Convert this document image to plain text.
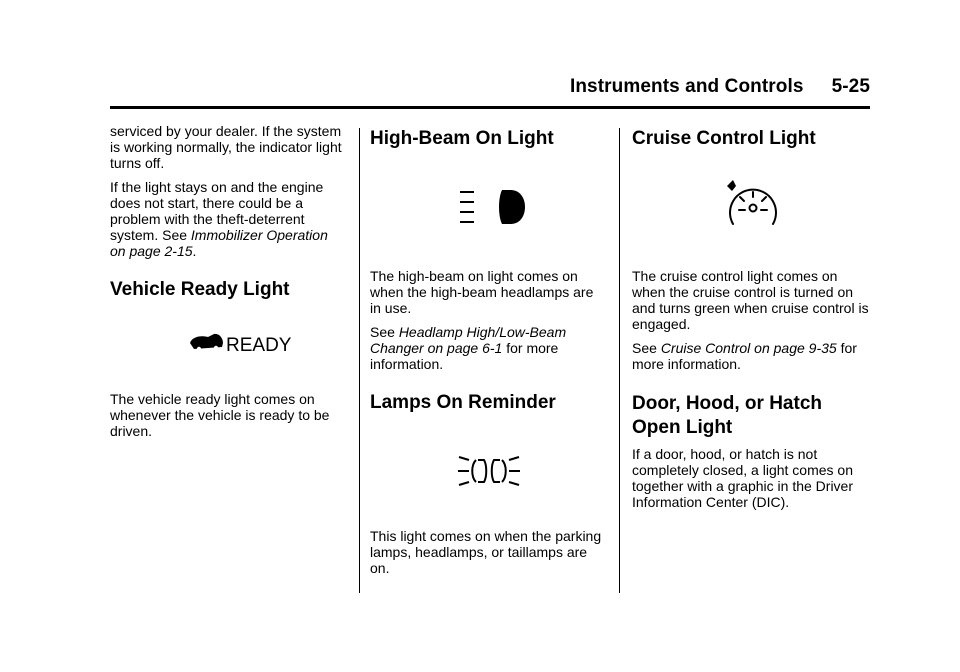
Instruments and Controls 5-25

serviced by your dealer. If the system is working normally, the indicator light turns off.

If the light stays on and the engine does not start, there could be a problem with the theft-deterrent system. See Immobilizer Operation on page 2-15.

Vehicle Ready Light
READY

The vehicle ready light comes on whenever the vehicle is ready to be driven.

High-Beam On Light

The high-beam on light comes on when the high-beam headlamps are in use.

See Headlamp High/Low-Beam Changer on page 6-1 for more information.

Lamps On Reminder

This light comes on when the parking lamps, headlamps, or taillamps are on.

Cruise Control Light

The cruise control light comes on when the cruise control is turned on and turns green when cruise control is engaged.

See Cruise Control on page 9-35 for more information.

Door, Hood, or Hatch Open Light

If a door, hood, or hatch is not completely closed, a light comes on together with a graphic in the Driver Information Center (DIC).
